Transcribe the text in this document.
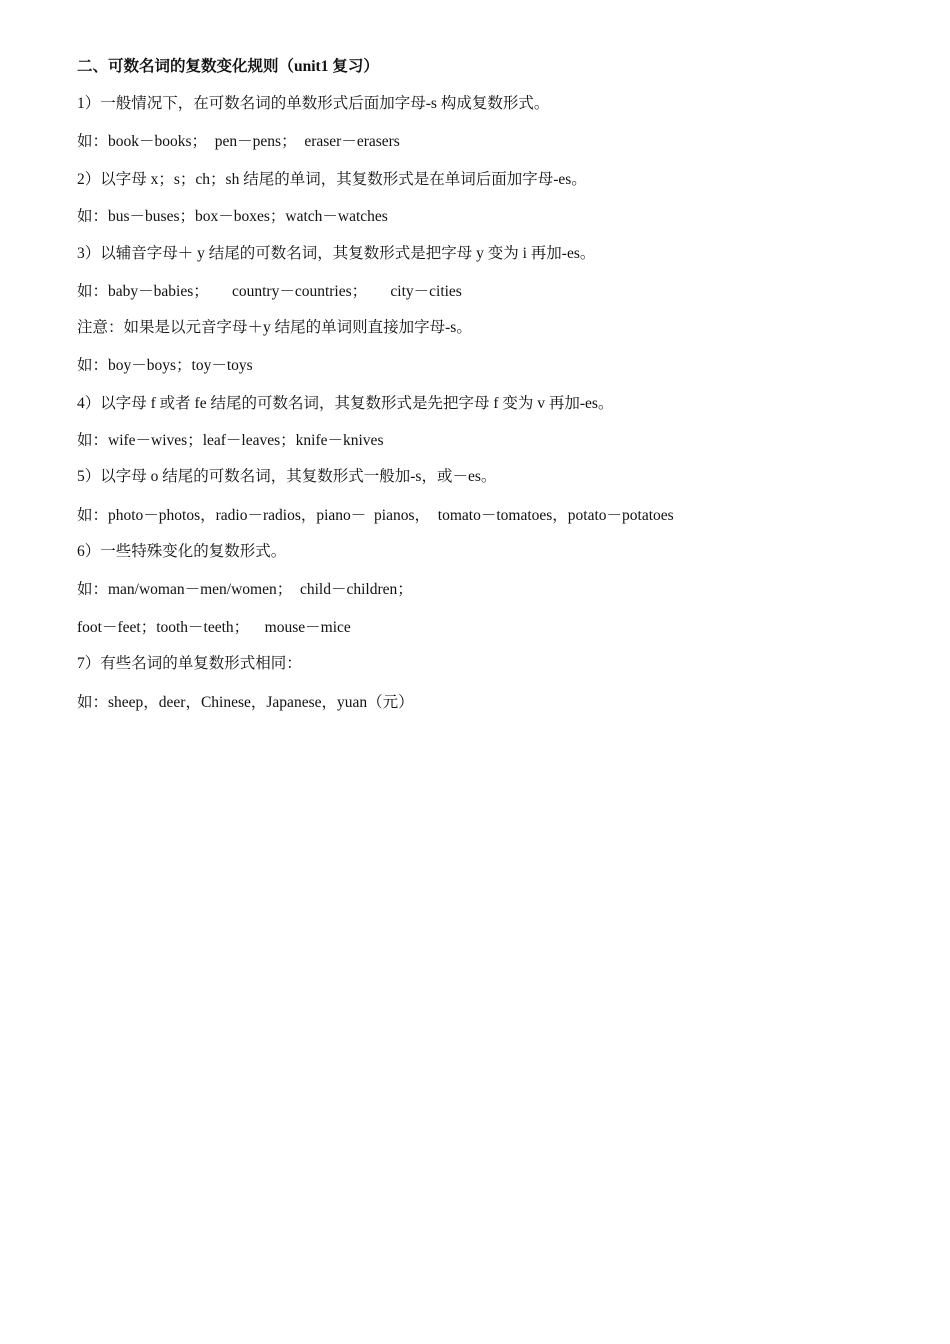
二、可数名词的复数变化规则（unit1 复习）
1）一般情况下，在可数名词的单数形式后面加字母-s 构成复数形式。
如：book－books；  pen－pens；  eraser－erasers
2）以字母 x；s；ch；sh 结尾的单词，其复数形式是在单词后面加字母-es。
如：bus－buses；box－boxes；watch－watches
3）以辅音字母＋ y 结尾的可数名词，其复数形式是把字母 y 变为 i 再加-es。
如：baby－babies；      country－countries；      city－cities
注意：如果是以元音字母＋y 结尾的单词则直接加字母-s。
如：boy－boys；toy－toys
4）以字母 f 或者 fe 结尾的可数名词，其复数形式是先把字母 f 变为 v 再加-es。
如：wife－wives；leaf－leaves；knife－knives
5）以字母 o 结尾的可数名词，其复数形式一般加-s，或－es。
如：photo－photos，radio－radios，piano－  pianos，  tomato－tomatoes，potato－potatoes
6）一些特殊变化的复数形式。
如：man/woman－men/women；  child－children；
foot－feet；tooth－teeth；    mouse－mice
7）有些名词的单复数形式相同：
如：sheep，deer，Chinese，Japanese，yuan（元）
